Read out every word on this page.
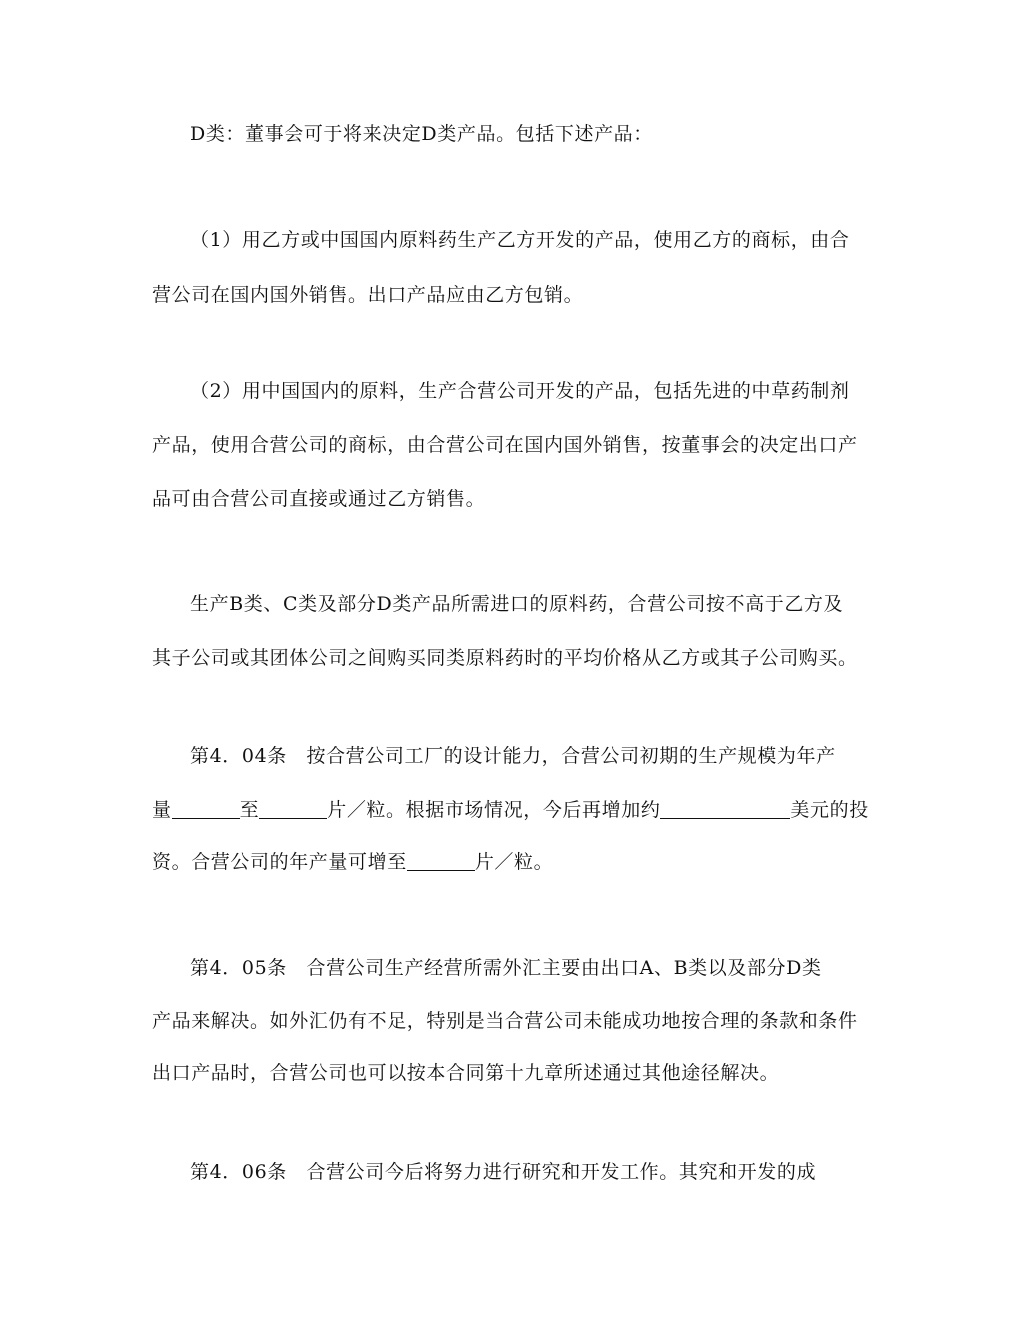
D类：董事会可于将来决定D类产品。包括下述产品：
（1）用乙方或中国国内原料药生产乙方开发的产品，使用乙方的商标，由合
营公司在国内国外销售。出口产品应由乙方包销。
（2）用中国国内的原料，生产合营公司开发的产品，包括先进的中草药制剂
产品，使用合营公司的商标，由合营公司在国内国外销售，按董事会的决定出口产
品可由合营公司直接或通过乙方销售。
生产B类、C类及部分D类产品所需进口的原料药，合营公司按不高于乙方及
其子公司或其团体公司之间购买同类原料药时的平均价格从乙方或其子公司购买。
第4．04条　按合营公司工厂的设计能力，合营公司初期的生产规模为年产
量	至	片／粒。根据市场情况，今后再增加约	美元的投
资。合营公司的年产量可增至	片／粒。
第4．05条　合营公司生产经营所需外汇主要由出口A、B类以及部分D类
产品来解决。如外汇仍有不足，特别是当合营公司未能成功地按合理的条款和条件
出口产品时，合营公司也可以按本合同第十九章所述通过其他途径解决。
第4．06条　合营公司今后将努力进行研究和开发工作。其究和开发的成
